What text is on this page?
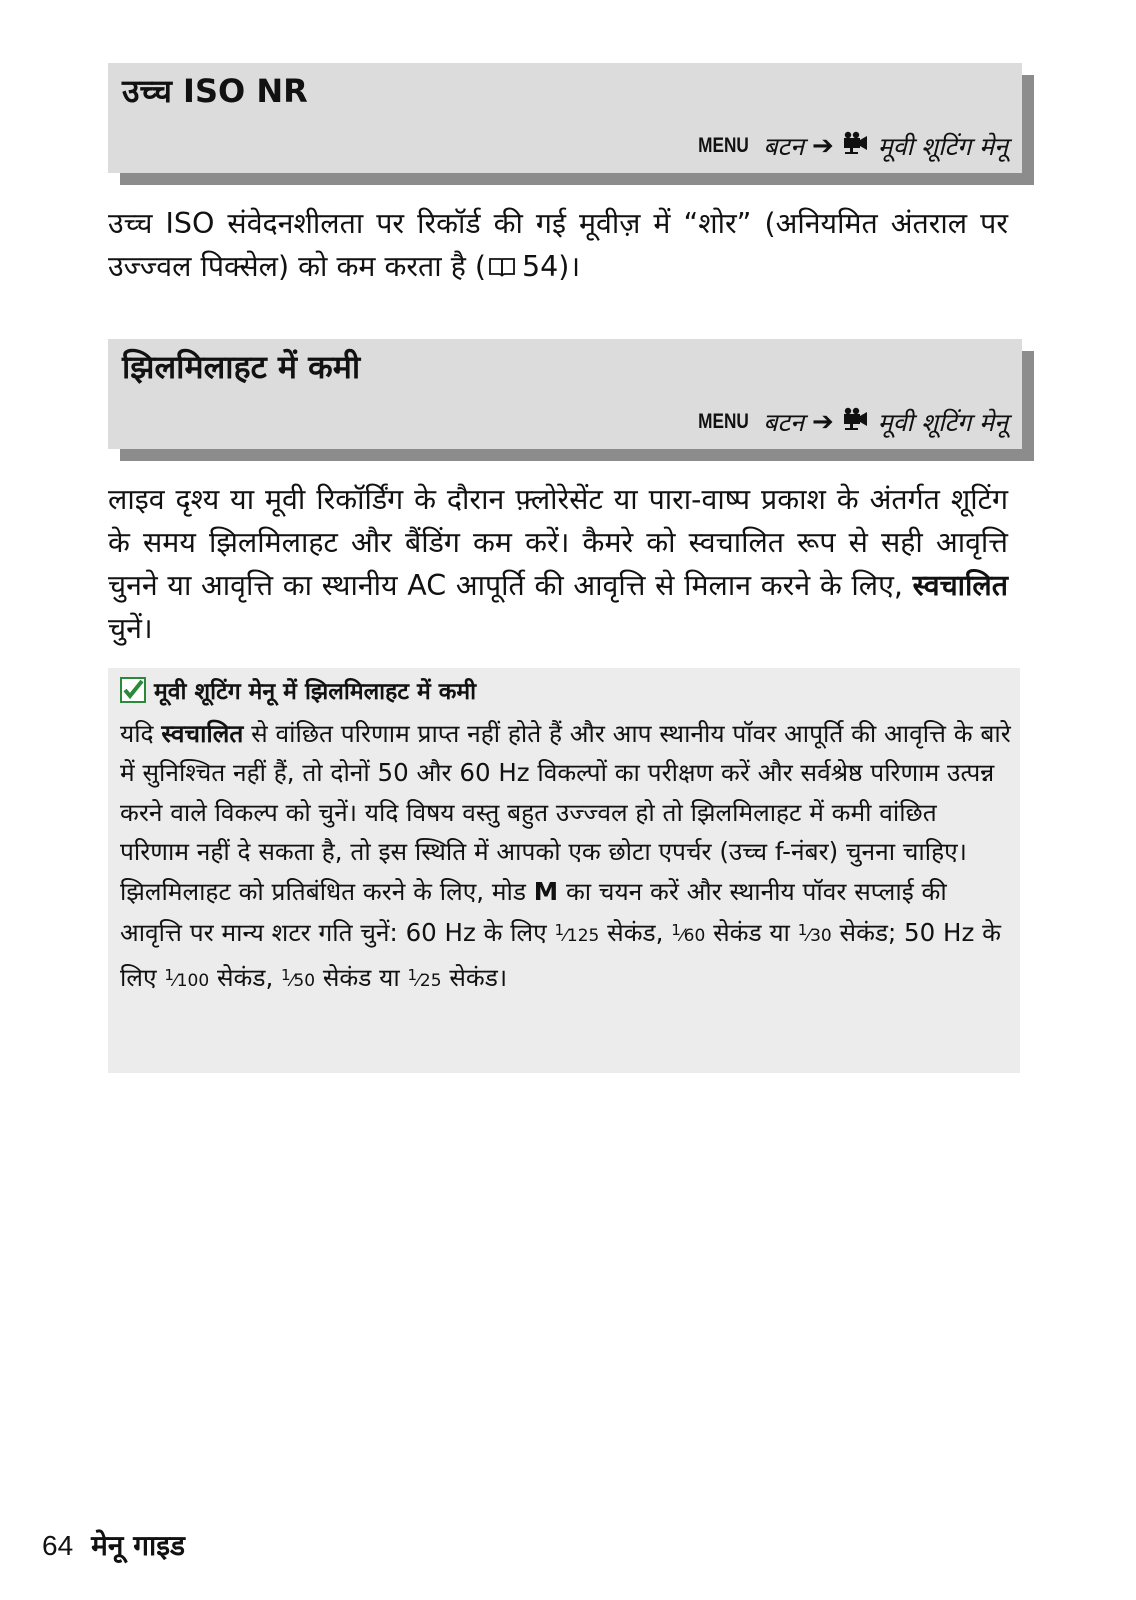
उच्च ISO NR
MENU बटन ➔ मूवी शूटिंग मेनू
उच्च ISO संवेदनशीलता पर रिकॉर्ड की गई मूवीज़ में “शोर” (अनियमित अंतराल पर उज्ज्वल पिक्सेल) को कम करता है ( 54)।
झिलमिलाहट में कमी
MENU बटन ➔ मूवी शूटिंग मेनू
लाइव दृश्य या मूवी रिकॉर्डिंग के दौरान फ़्लोरेसेंट या पारा-वाष्प प्रकाश के अंतर्गत शूटिंग के समय झिलमिलाहट और बैंडिंग कम करें। कैमरे को स्वचालित रूप से सही आवृत्ति चुनने या आवृत्ति का स्थानीय AC आपूर्ति की आवृत्ति से मिलान करने के लिए, स्वचालित चुनें।
मूवी शूटिंग मेनू में झिलमिलाहट में कमी
यदि स्वचालित से वांछित परिणाम प्राप्त नहीं होते हैं और आप स्थानीय पॉवर आपूर्ति की आवृत्ति के बारे में सुनिश्चित नहीं हैं, तो दोनों 50 और 60 Hz विकल्पों का परीक्षण करें और सर्वश्रेष्ठ परिणाम उत्पन्न करने वाले विकल्प को चुनें। यदि विषय वस्तु बहुत उज्ज्वल हो तो झिलमिलाहट में कमी वांछित परिणाम नहीं दे सकता है, तो इस स्थिति में आपको एक छोटा एपर्चर (उच्च f-नंबर) चुनना चाहिए। झिलमिलाहट को प्रतिबंधित करने के लिए, मोड M का चयन करें और स्थानीय पॉवर सप्लाई की आवृत्ति पर मान्य शटर गति चुनें: 60 Hz के लिए $^1$⁄125 सेकंड, $^1$⁄60 सेकंड या $^1$⁄30 सेकंड; 50 Hz के लिए $^1$⁄100 सेकंड, $^1$⁄50 सेकंड या $^1$⁄25 सेकंड।
64 मेनू गाइड
